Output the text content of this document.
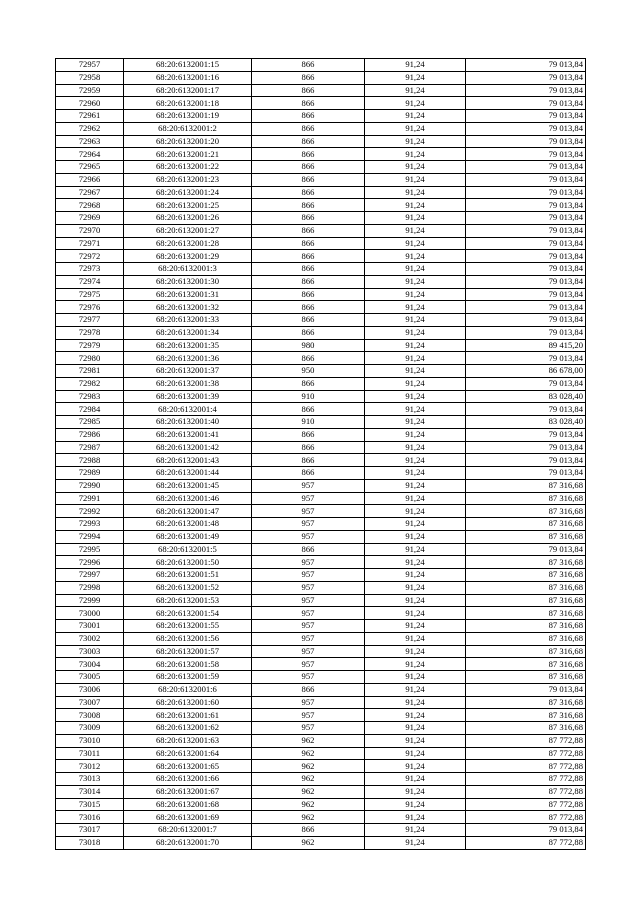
72957	68:20:6132001:15	866	91,24	79 013,84
72958	68:20:6132001:16	866	91,24	79 013,84
72959	68:20:6132001:17	866	91,24	79 013,84
72960	68:20:6132001:18	866	91,24	79 013,84
72961	68:20:6132001:19	866	91,24	79 013,84
72962	68:20:6132001:2	866	91,24	79 013,84
72963	68:20:6132001:20	866	91,24	79 013,84
72964	68:20:6132001:21	866	91,24	79 013,84
72965	68:20:6132001:22	866	91,24	79 013,84
72966	68:20:6132001:23	866	91,24	79 013,84
72967	68:20:6132001:24	866	91,24	79 013,84
72968	68:20:6132001:25	866	91,24	79 013,84
72969	68:20:6132001:26	866	91,24	79 013,84
72970	68:20:6132001:27	866	91,24	79 013,84
72971	68:20:6132001:28	866	91,24	79 013,84
72972	68:20:6132001:29	866	91,24	79 013,84
72973	68:20:6132001:3	866	91,24	79 013,84
72974	68:20:6132001:30	866	91,24	79 013,84
72975	68:20:6132001:31	866	91,24	79 013,84
72976	68:20:6132001:32	866	91,24	79 013,84
72977	68:20:6132001:33	866	91,24	79 013,84
72978	68:20:6132001:34	866	91,24	79 013,84
72979	68:20:6132001:35	980	91,24	89 415,20
72980	68:20:6132001:36	866	91,24	79 013,84
72981	68:20:6132001:37	950	91,24	86 678,00
72982	68:20:6132001:38	866	91,24	79 013,84
72983	68:20:6132001:39	910	91,24	83 028,40
72984	68:20:6132001:4	866	91,24	79 013,84
72985	68:20:6132001:40	910	91,24	83 028,40
72986	68:20:6132001:41	866	91,24	79 013,84
72987	68:20:6132001:42	866	91,24	79 013,84
72988	68:20:6132001:43	866	91,24	79 013,84
72989	68:20:6132001:44	866	91,24	79 013,84
72990	68:20:6132001:45	957	91,24	87 316,68
72991	68:20:6132001:46	957	91,24	87 316,68
72992	68:20:6132001:47	957	91,24	87 316,68
72993	68:20:6132001:48	957	91,24	87 316,68
72994	68:20:6132001:49	957	91,24	87 316,68
72995	68:20:6132001:5	866	91,24	79 013,84
72996	68:20:6132001:50	957	91,24	87 316,68
72997	68:20:6132001:51	957	91,24	87 316,68
72998	68:20:6132001:52	957	91,24	87 316,68
72999	68:20:6132001:53	957	91,24	87 316,68
73000	68:20:6132001:54	957	91,24	87 316,68
73001	68:20:6132001:55	957	91,24	87 316,68
73002	68:20:6132001:56	957	91,24	87 316,68
73003	68:20:6132001:57	957	91,24	87 316,68
73004	68:20:6132001:58	957	91,24	87 316,68
73005	68:20:6132001:59	957	91,24	87 316,68
73006	68:20:6132001:6	866	91,24	79 013,84
73007	68:20:6132001:60	957	91,24	87 316,68
73008	68:20:6132001:61	957	91,24	87 316,68
73009	68:20:6132001:62	957	91,24	87 316,68
73010	68:20:6132001:63	962	91,24	87 772,88
73011	68:20:6132001:64	962	91,24	87 772,88
73012	68:20:6132001:65	962	91,24	87 772,88
73013	68:20:6132001:66	962	91,24	87 772,88
73014	68:20:6132001:67	962	91,24	87 772,88
73015	68:20:6132001:68	962	91,24	87 772,88
73016	68:20:6132001:69	962	91,24	87 772,88
73017	68:20:6132001:7	866	91,24	79 013,84
73018	68:20:6132001:70	962	91,24	87 772,88
